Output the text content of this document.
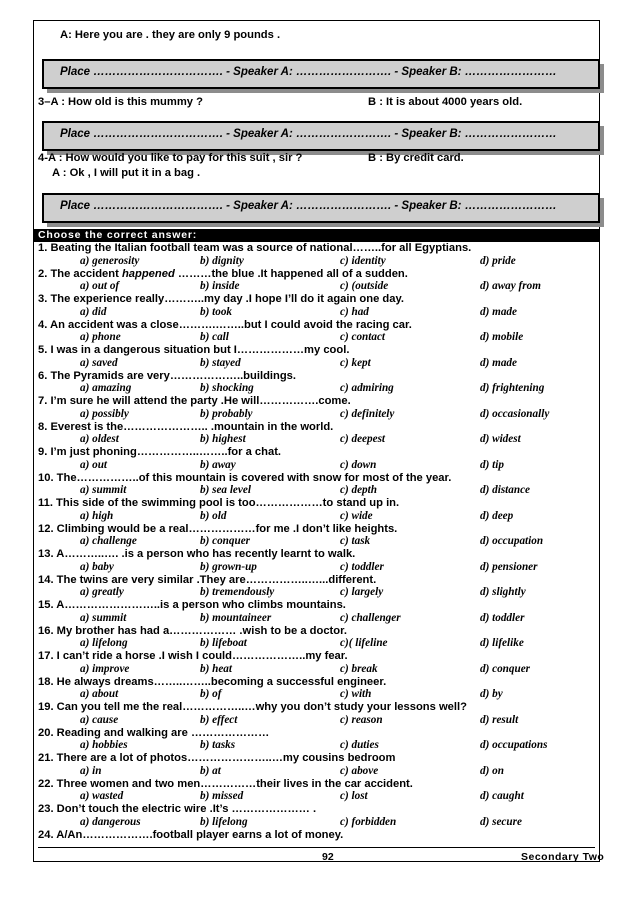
A: Here you are . they are only 9 pounds .
Place ……………………………. - Speaker A: ……………………. - Speaker B: ……………………
3–A : How old is this mummy ?	B : It is about 4000 years old.
Place ……………………………. - Speaker A: ……………………. - Speaker B: ……………………
4-A : How would you like to pay for this suit , sir ?	B : By credit card.
A : Ok , I will put it in a bag .
Place ……………………………. - Speaker A: ……………………. - Speaker B: ……………………
Choose the correct answer:
1. Beating the Italian football team was a source of national……..for all Egyptians.
a) generosity	b) dignity	c) identity	d) pride
2. The accident happened ………the blue .It happened all of a sudden.
a) out of	b) inside	c) (outside	d) away from
3. The experience really………..my day .I hope I’ll do it again one day.
a) did	b) took	c) had	d) made
4. An accident was a close……….……..but I could avoid the racing car.
a) phone	b) call	c) contact	d) mobile
5. I was in a dangerous situation but I………………my cool.
a) saved	b) stayed	c) kept	d) made
6. The Pyramids are very………………..buildings.
a) amazing	b) shocking	c) admiring	d) frightening
7. I’m sure he will attend the party .He will…………….come.
a) possibly	b) probably	c) definitely	d) occasionally
8. Everest is the………………….. .mountain in the world.
a) oldest	b) highest	c) deepest	d) widest
9. I’m just phoning……………..……..for a chat.
a) out	b) away	c) down	d) tip
10. The……………..of this mountain is covered with snow for most of the year.
a) summit	b) sea level	c) depth	d) distance
11. This side of the swimming pool is too………………to stand up in.
a) high	b) old	c) wide	d) deep
12. Climbing would be a real………………for me .I don’t like heights.
a) challenge	b) conquer	c) task	d) occupation
13. A………..…. .is a person who has recently learnt to walk.
a) baby	b) grown-up	c) toddler	d) pensioner
14. The twins are very similar .They are……………..…...different.
a) greatly	b) tremendously	c) largely	d) slightly
15. A……………………..is a person who climbs mountains.
a) summit	b) mountaineer	c) challenger	d) toddler
16. My brother has had a……………… .wish to be a doctor.
a) lifelong	b) lifeboat	c)( lifeline	d) lifelike
17. I can’t ride a horse .I wish I could………………..my fear.
a) improve	b) heat	c) break	d) conquer
18. He always dreams……..……..becoming a successful engineer.
a) about	b) of	c) with	d) by
19. Can you tell me the real……………..…why you don’t study your lessons well?
a) cause	b) effect	c) reason	d) result
20. Reading and walking are …………………
a) hobbies	b) tasks	c) duties	d) occupations
21. There are a lot of photos…………………..…my cousins bedroom
a) in	b) at	c) above	d) on
22. Three women and two men……………their lives in the car accident.
a) wasted	b) missed	c) lost	d) caught
23. Don’t touch the electric wire .It’s ………………… .
a) dangerous	b) lifelong	c) forbidden	d) secure
24. A/An……………….football player earns a lot of money.
92	Secondary Two
